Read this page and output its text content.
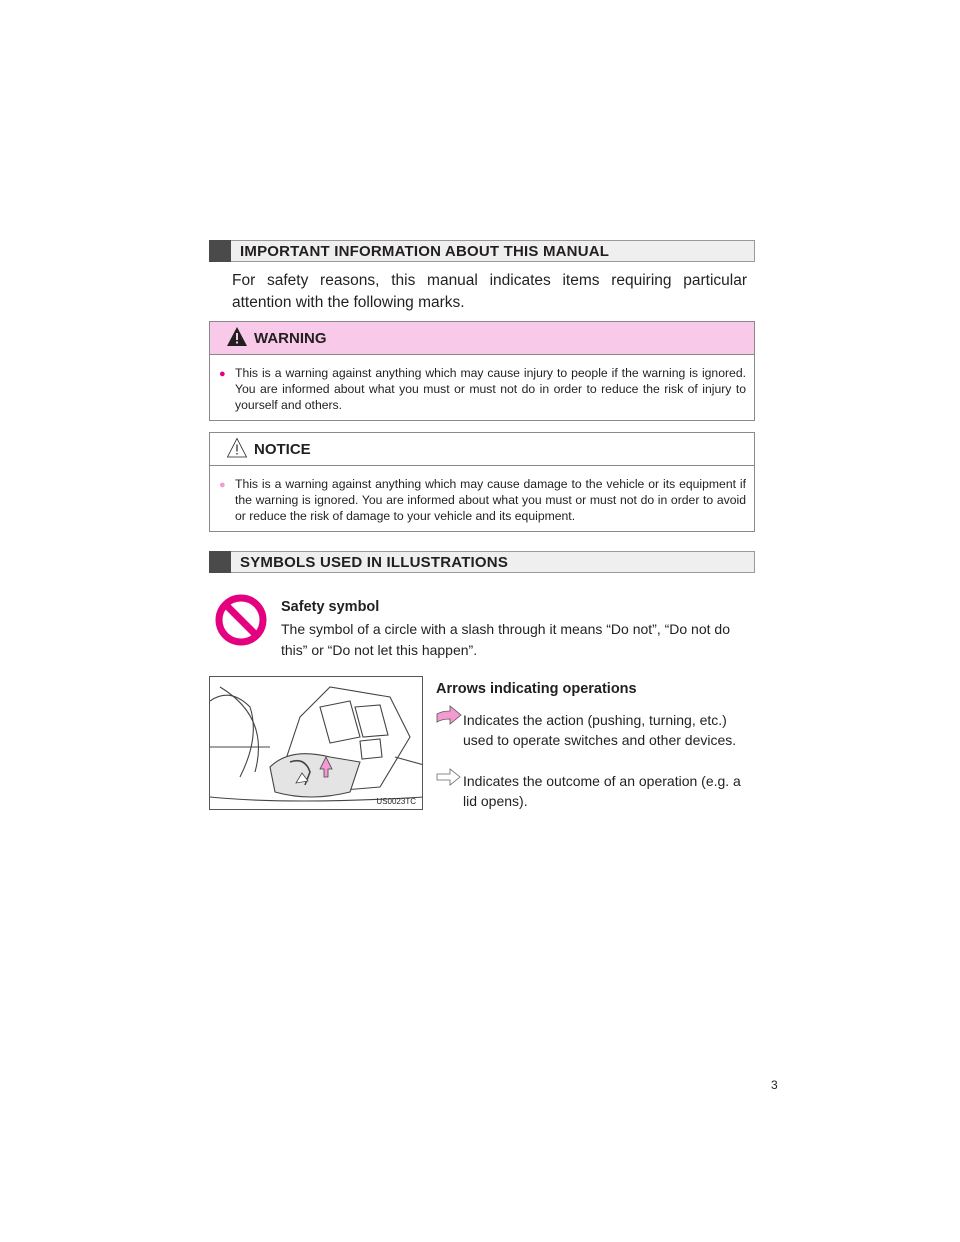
IMPORTANT INFORMATION ABOUT THIS MANUAL
For safety reasons, this manual indicates items requiring particular attention with the following marks.
WARNING
● This is a warning against anything which may cause injury to people if the warning is ignored. You are informed about what you must or must not do in order to reduce the risk of injury to yourself and others.
NOTICE
● This is a warning against anything which may cause damage to the vehicle or its equipment if the warning is ignored. You are informed about what you must or must not do in order to avoid or reduce the risk of damage to your vehicle and its equipment.
SYMBOLS USED IN ILLUSTRATIONS
Safety symbol
The symbol of a circle with a slash through it means “Do not”, “Do not do this” or “Do not let this happen”.
US0023TC
Arrows indicating operations
Indicates the action (pushing, turning, etc.) used to operate switches and other devices.
Indicates the outcome of an operation (e.g. a lid opens).
3
